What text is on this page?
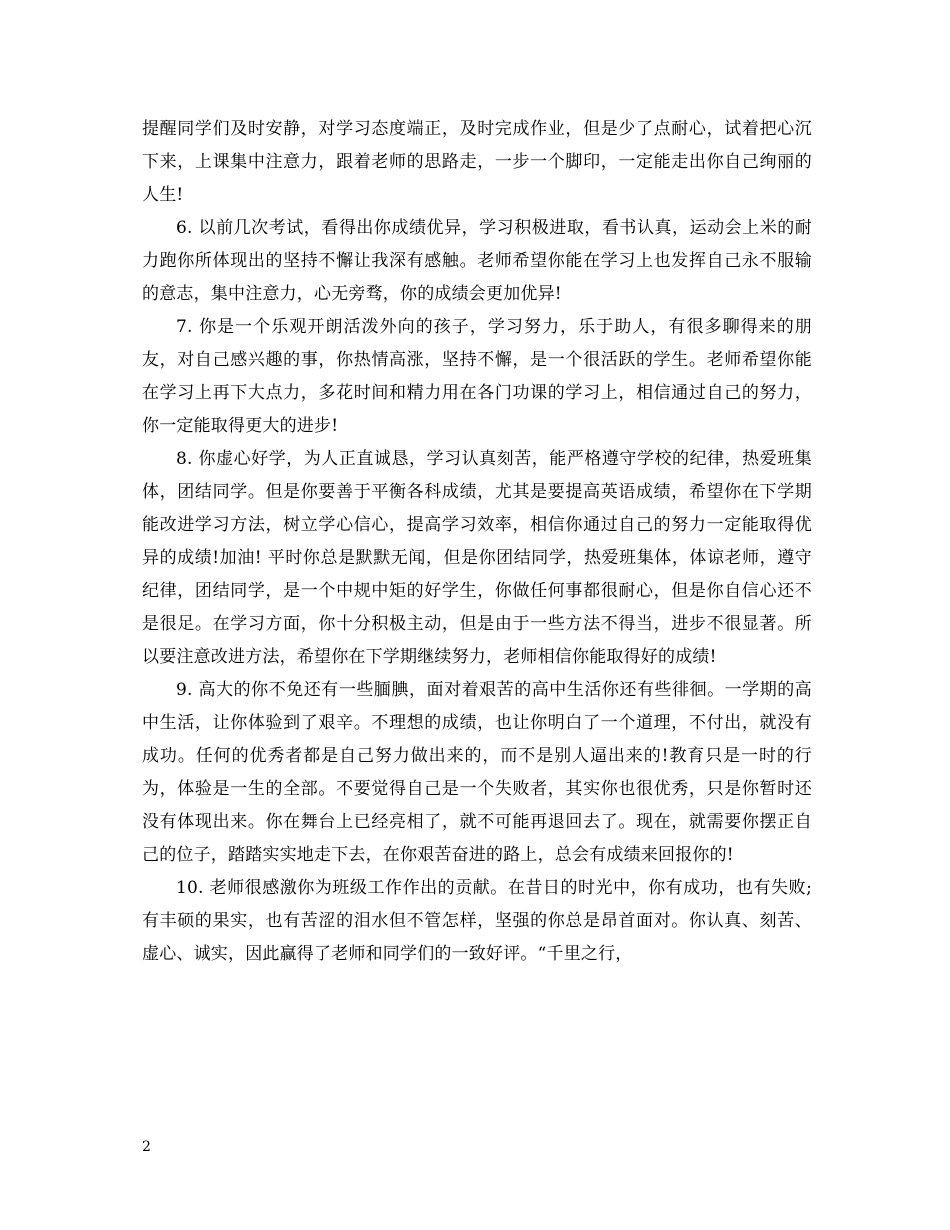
提醒同学们及时安静，对学习态度端正，及时完成作业，但是少了点耐心，试着把心沉下来，上课集中注意力，跟着老师的思路走，一步一个脚印，一定能走出你自己绚丽的人生!

6. 以前几次考试，看得出你成绩优异，学习积极进取，看书认真，运动会上米的耐力跑你所体现出的坚持不懈让我深有感触。老师希望你能在学习上也发挥自己永不服输的意志，集中注意力，心无旁骛，你的成绩会更加优异!

7. 你是一个乐观开朗活泼外向的孩子，学习努力，乐于助人，有很多聊得来的朋友，对自己感兴趣的事，你热情高涨，坚持不懈，是一个很活跃的学生。老师希望你能在学习上再下大点力，多花时间和精力用在各门功课的学习上，相信通过自己的努力，你一定能取得更大的进步!

8. 你虚心好学，为人正直诚恳，学习认真刻苦，能严格遵守学校的纪律，热爱班集体，团结同学。但是你要善于平衡各科成绩，尤其是要提高英语成绩，希望你在下学期能改进学习方法，树立学心信心，提高学习效率，相信你通过自己的努力一定能取得优异的成绩!加油! 平时你总是默默无闻，但是你团结同学，热爱班集体，体谅老师，遵守纪律，团结同学，是一个中规中矩的好学生，你做任何事都很耐心，但是你自信心还不是很足。在学习方面，你十分积极主动，但是由于一些方法不得当，进步不很显著。所以要注意改进方法，希望你在下学期继续努力，老师相信你能取得好的成绩!

9. 高大的你不免还有一些腼腆，面对着艰苦的高中生活你还有些徘徊。一学期的高中生活，让你体验到了艰辛。不理想的成绩，也让你明白了一个道理，不付出，就没有成功。任何的优秀者都是自己努力做出来的，而不是别人逼出来的!教育只是一时的行为，体验是一生的全部。不要觉得自己是一个失败者，其实你也很优秀，只是你暂时还没有体现出来。你在舞台上已经亮相了，就不可能再退回去了。现在，就需要你摆正自己的位子，踏踏实实地走下去，在你艰苦奋进的路上，总会有成绩来回报你的!

10. 老师很感激你为班级工作作出的贡献。在昔日的时光中，你有成功，也有失败;有丰硕的果实，也有苦涩的泪水但不管怎样，坚强的你总是昂首面对。你认真、刻苦、虚心、诚实，因此赢得了老师和同学们的一致好评。“千里之行，

2
